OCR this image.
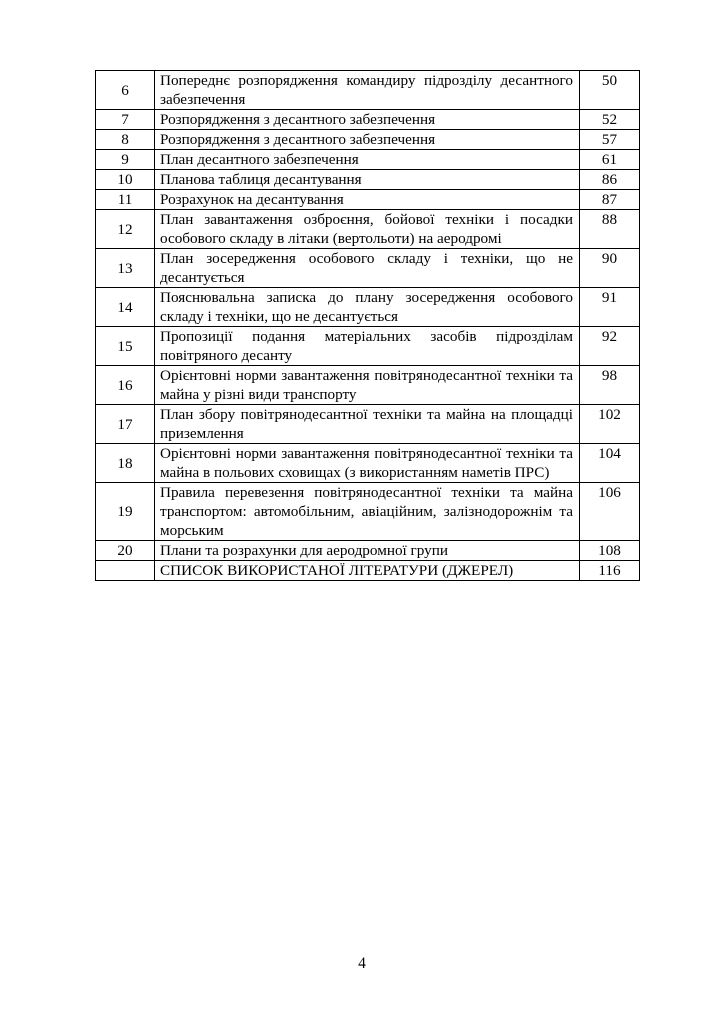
6	Попереднє розпорядження командиру підрозділу десантного забезпечення	50
7	Розпорядження з десантного забезпечення	52
8	Розпорядження з десантного забезпечення	57
9	План десантного забезпечення	61
10	Планова таблиця десантування	86
11	Розрахунок на десантування	87
12	План завантаження озброєння, бойової техніки і посадки особового складу в літаки (вертольоти) на аеродромі	88
13	План зосередження особового складу і техніки, що не десантується	90
14	Пояснювальна записка до плану зосередження особового складу і техніки, що не десантується	91
15	Пропозиції подання матеріальних засобів підрозділам повітряного десанту	92
16	Орієнтовні норми завантаження повітрянодесантної техніки та майна у різні види транспорту	98
17	План збору повітрянодесантної техніки та майна на площадці приземлення	102
18	Орієнтовні норми завантаження повітрянодесантної техніки та майна в польових сховищах (з використанням наметів ПРС)	104
19	Правила перевезення повітрянодесантної техніки та майна транспортом: автомобільним, авіаційним, залізнодорожнім та морським	106
20	Плани та розрахунки для аеродромної групи	108

	СПИСОК ВИКОРИСТАНОЇ ЛІТЕРАТУРИ (ДЖЕРЕЛ)	116
4
